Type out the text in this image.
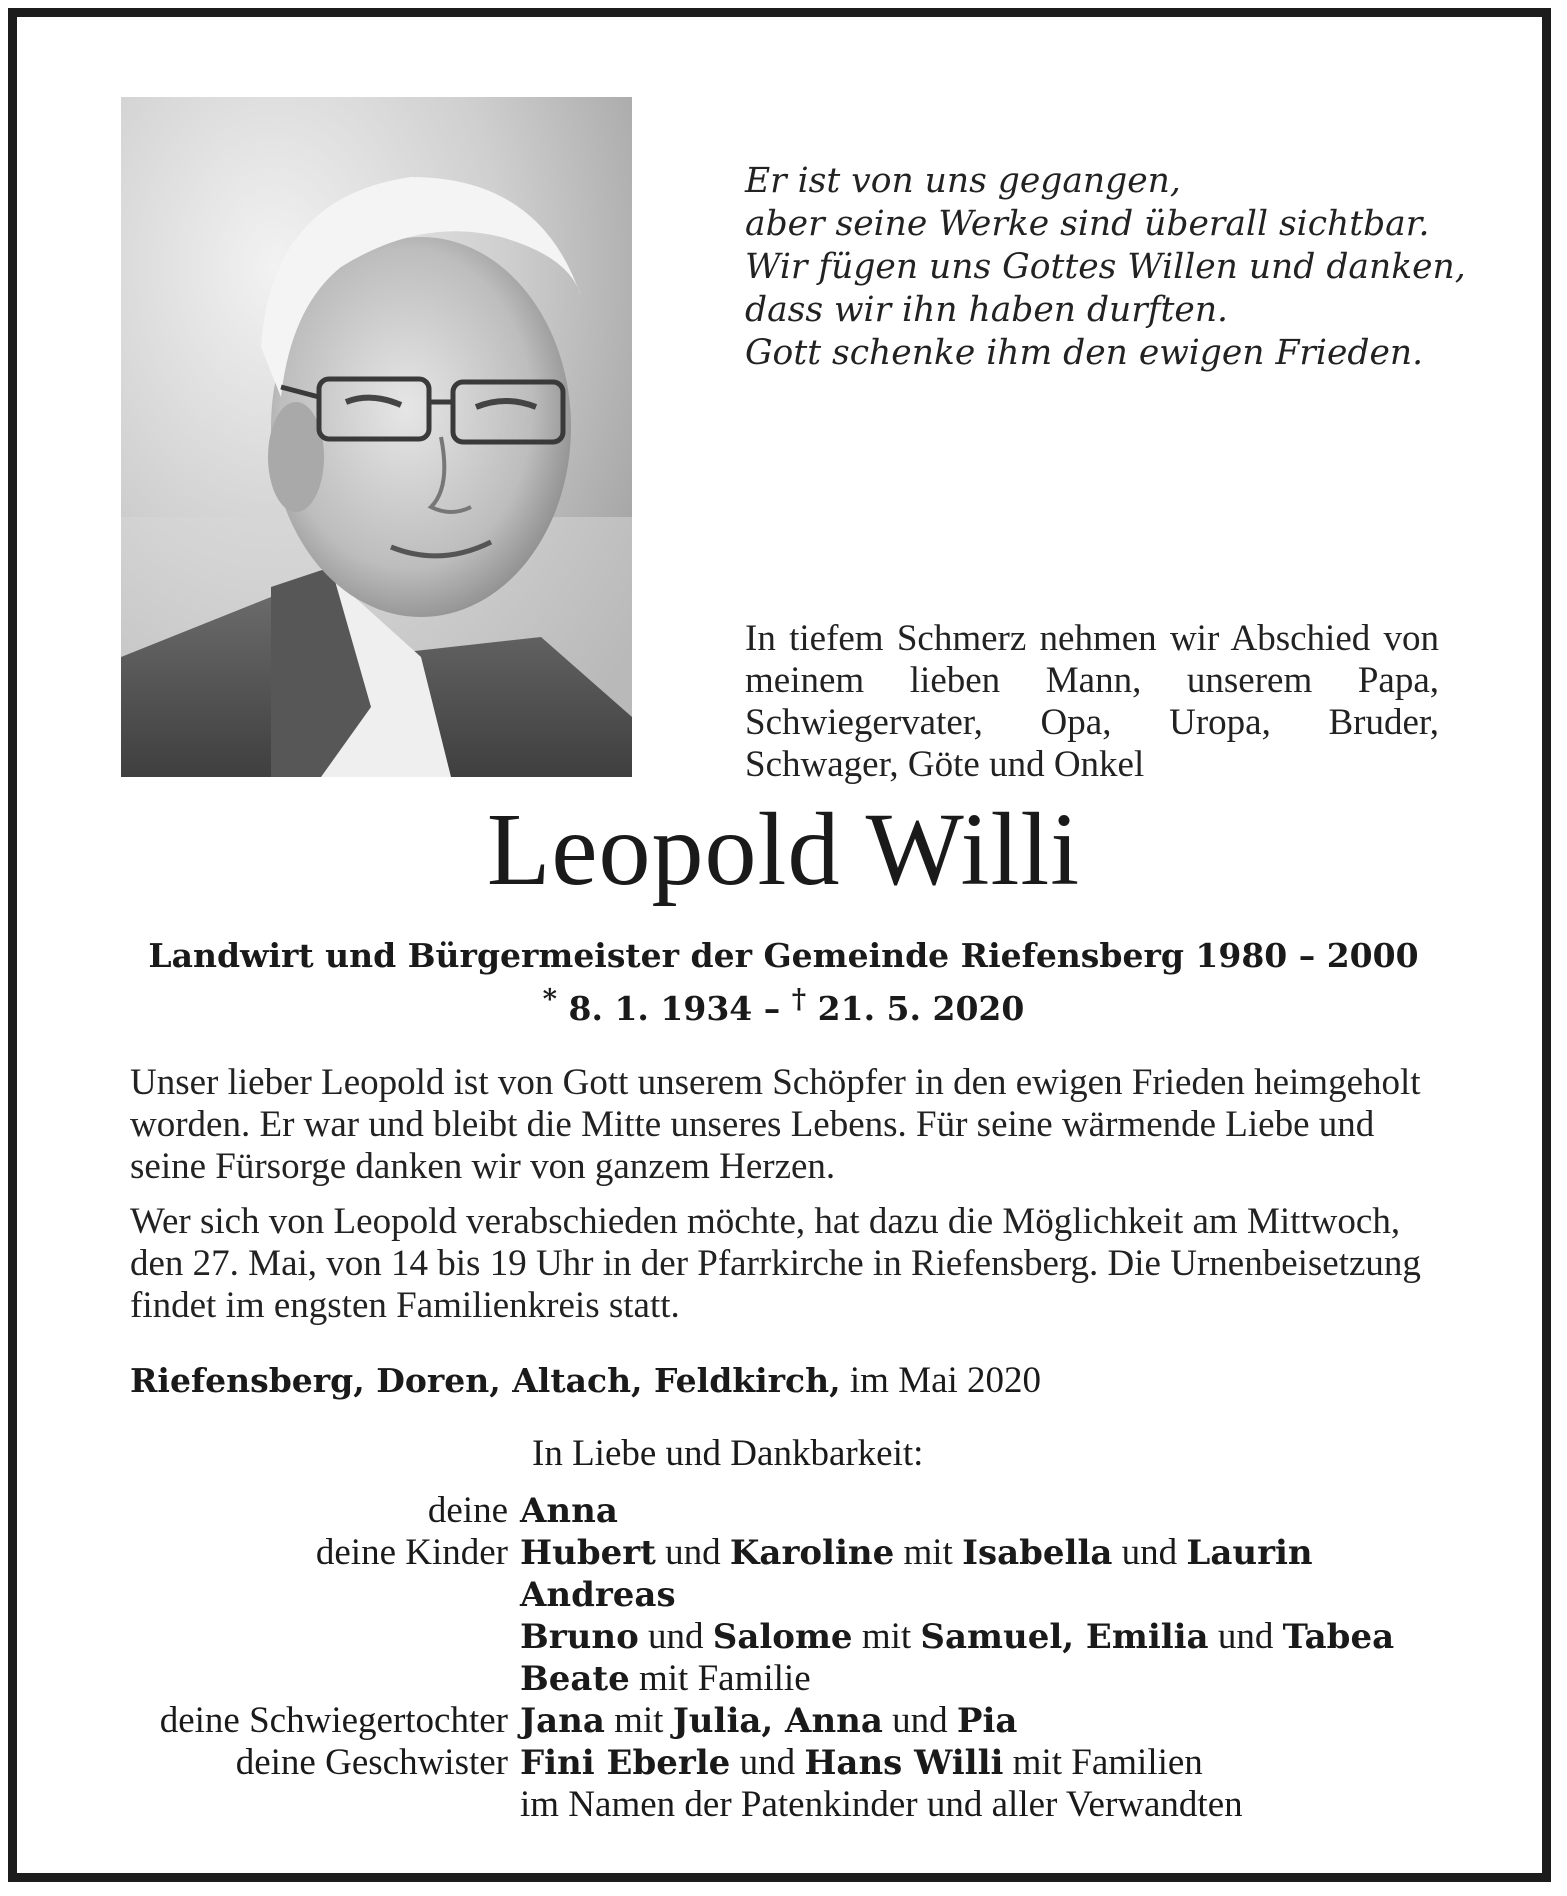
Er ist von uns gegangen,
aber seine Werke sind überall sichtbar.
Wir fügen uns Gottes Willen und danken,
dass wir ihn haben durften.
Gott schenke ihm den ewigen Frieden.
In tiefem Schmerz nehmen wir Abschied von meinem lieben Mann, unserem Papa, Schwiegervater, Opa, Uropa, Bruder, Schwager, Göte und Onkel
Leopold Willi
Landwirt und Bürgermeister der Gemeinde Riefensberg 1980 – 2000
* 8. 1. 1934 – † 21. 5. 2020
Unser lieber Leopold ist von Gott unserem Schöpfer in den ewigen Frieden heimgeholt worden. Er war und bleibt die Mitte unseres Lebens. Für seine wärmende Liebe und seine Fürsorge danken wir von ganzem Herzen.
Wer sich von Leopold verabschieden möchte, hat dazu die Möglichkeit am Mittwoch, den 27. Mai, von 14 bis 19 Uhr in der Pfarrkirche in Riefensberg. Die Urnenbeisetzung findet im engsten Familienkreis statt.
Riefensberg, Doren, Altach, Feldkirch, im Mai 2020
In Liebe und Dankbarkeit:
deine Anna
deine Kinder Hubert und Karoline mit Isabella und Laurin
Andreas
Bruno und Salome mit Samuel, Emilia und Tabea
Beate mit Familie
deine Schwiegertochter Jana mit Julia, Anna und Pia
deine Geschwister Fini Eberle und Hans Willi mit Familien
im Namen der Patenkinder und aller Verwandten
